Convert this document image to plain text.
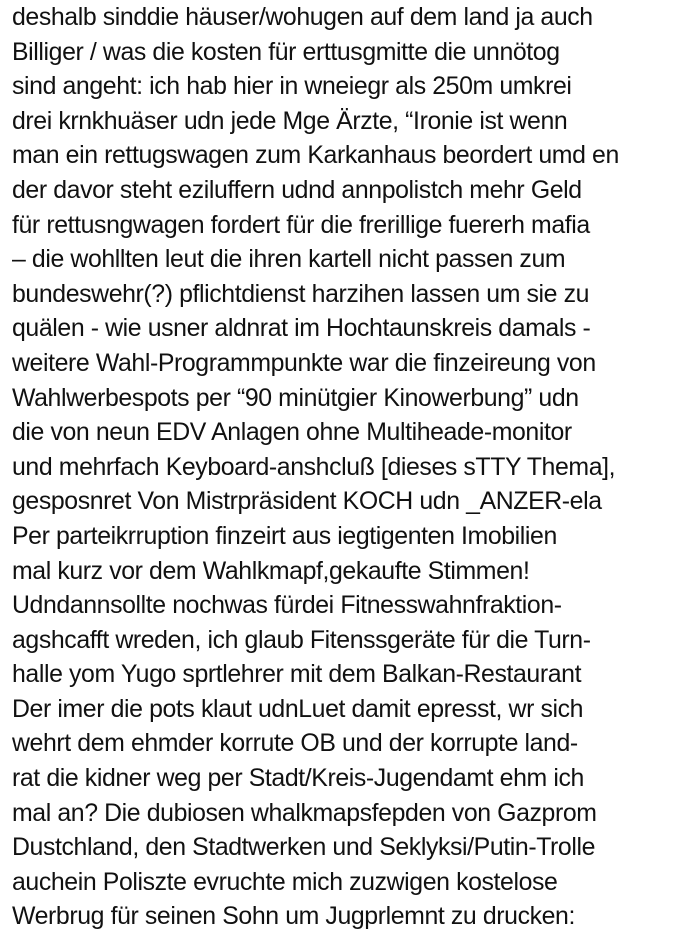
deshalb sinddie häuser/wohugen auf dem land ja auch
Billiger / was die kosten für erttusgmitte die unnötog
sind angeht: ich hab hier in wneiegr als 250m umkrei
drei krnkhuäser udn jede Mge Ärzte, “Ironie ist wenn
man ein rettugswagen zum Karkanhaus beordert umd en
der davor steht eziluffern udnd annpolistch mehr Geld
für rettusngwagen fordert für die frerillige fuererh mafia
– die wohllten leut die ihren kartell nicht passen zum
bundeswehr(?) pflichtdienst harzihen lassen um sie zu
quälen - wie usner aldnrat im Hochtaunskreis damals -
weitere Wahl-Programmpunkte war die finzeireung von
Wahlwerbespots per “90 minütgier Kinowerbung” udn
die von neun EDV Anlagen ohne Multiheade-monitor
und mehrfach Keyboard-anshcluß [dieses sTTY Thema],
gesposnret Von Mistrpräsident KOCH udn _ANZER-ela
Per parteikrruption finzeirt aus iegtigenten Imobilien
mal kurz vor dem Wahlkmapf,gekaufte Stimmen!
Udndannsollte nochwas fürdei Fitnesswahnfraktion-
agshcafft wreden, ich glaub Fitenssgeräte für die Turn-
halle yom Yugo sprtlehrer mit dem Balkan-Restaurant
Der imer die pots klaut udnLuet damit epresst, wr sich
wehrt dem ehmder korrute OB und der korrupte land-
rat die kidner weg per Stadt/Kreis-Jugendamt ehm ich
mal an? Die dubiosen whalkmapsfepden von Gazprom
Dustchland, den Stadtwerken und Seklyksi/Putin-Trolle
auchein Poliszte evruchte mich zuzwigen kostelose
Werbrug für seinen Sohn um Jugprlemnt zu drucken:
